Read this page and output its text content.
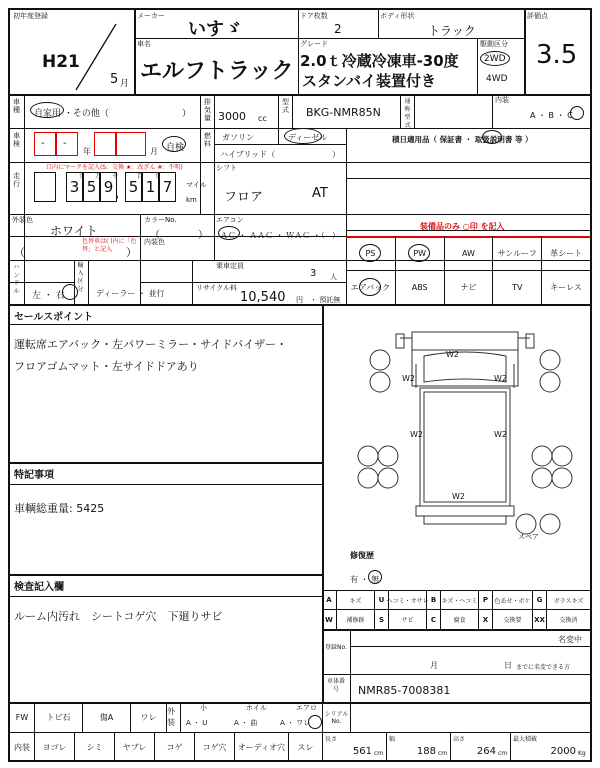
初年度登録
H21
5 月
メーカー
いすゞ
ドア枚数
2
ボディ形状
トラック
評価点
3.5
車名
エルフトラック
グレード
2.0ｔ冷蔵冷凍車-30度
スタンバイ装置付き
駆動区分
2WD
4WD
車種 自家用 ・その他（	）
排気量 3000 cc
型式 BKG-NMR85N
通称型式
内装
A ・ B ・ C
車検 - -
年	月 自検
燃料
ガソリン	ディーゼル
ハイブリッド（	）
積日適用品（ 保証書 ・ 取扱説明書 等 ）
走行
口内にマークを記入(S：交換 ★：改ざん #：不明)
3
十
5
万
9
千
5
百
1
十
7
，	km
マイル
シフト
フロア	AT
外装色
ホワイト
カラーNo.
（	）
（	）
色替車は( )内に「色替」と記入
内装色
エアコン
ＡＣ ・ ＡＡＣ ・ ＷＡＣ ・（ ）
装備品のみ ○印 を記入
ハンドル 左 ・ 右
輸入区分 ディーラー ・ 並行
乗車定員
3 人
リサイクル料
10,540 円 ・ 預託無
PS	PW	AW	サンルーフ 革シート
エアバック	ABS	ナビ	TV	キーレス
セールスポイント
運転席エアバック・左パワーミラー・サイドバイザー・
フロアゴムマット・左サイドドアあり
特記事項
車輌総重量: 5425
検査記入欄
ルーム内汚れ　シートコゲ穴　下廻りサビ
W2
W2	W2
W2	W2
W2
スペア
修復歴
有 ・ 無
A	キズ	U ヘコミ・オサレ B キズ・ヘコミ P	色あせ・ボケ G	ガラスキズ
W	補修跡	S	サビ	C	腐食	X	交換要	XX	交換済
名変中
登録No.
月	日 までに名変できる方
車体番号	NMR85-7008381
FW	トビ石	傷A	ワレ
外装
小
A ・ U
ホイル
A ・ 曲
エアロ
A ・ ワレ
シリアルNo.
内装	ヨゴレ	シミ	ヤブレ	コゲ	コゲ穴	オーディオ穴	スレ
長さ
561 cm
幅
188 cm
高さ
264 cm
最大積載
2000 Kg
